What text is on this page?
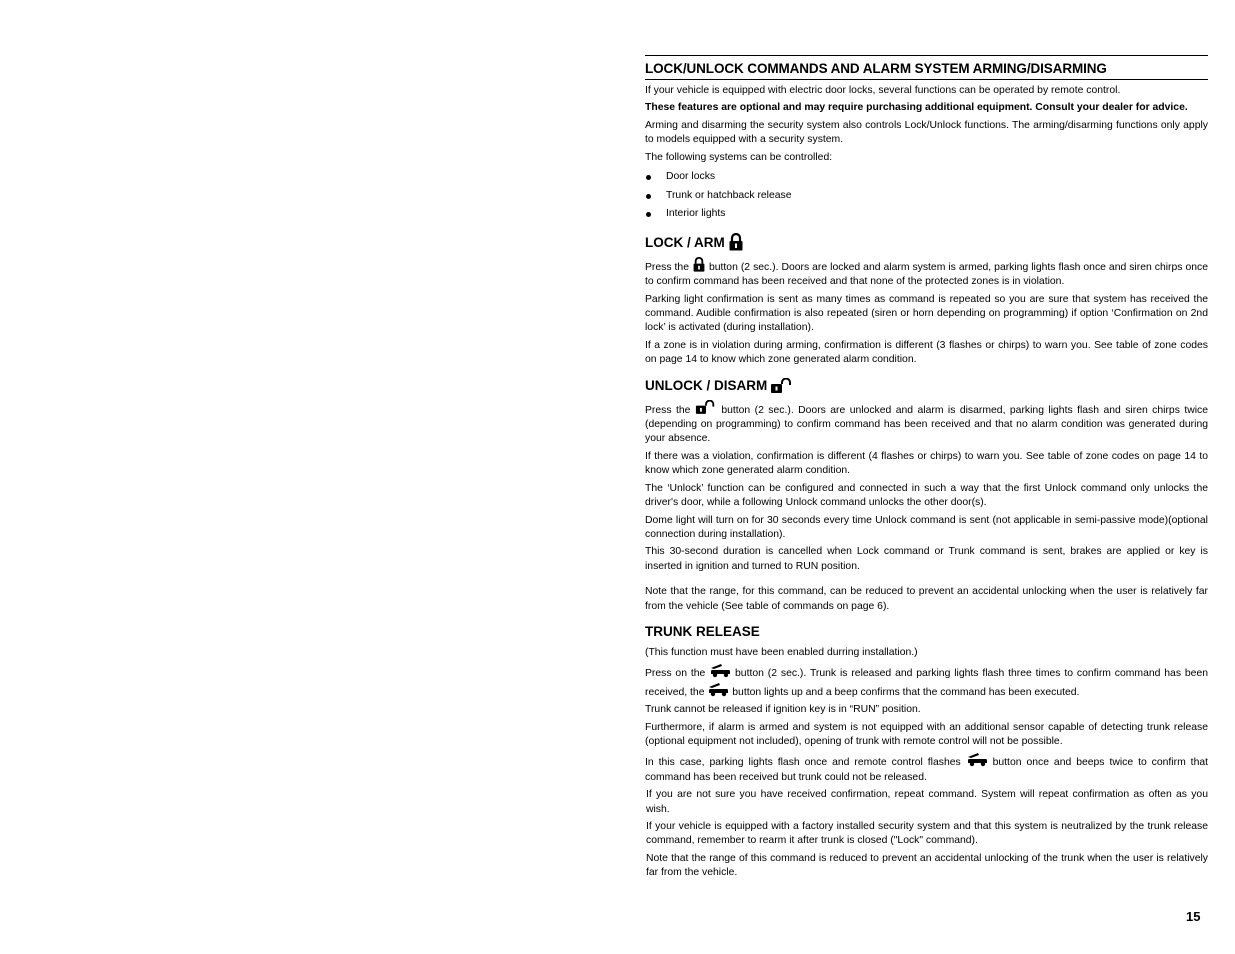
LOCK/UNLOCK COMMANDS AND ALARM SYSTEM ARMING/DISARMING

If your vehicle is equipped with electric door locks, several functions can be operated by remote control.

These features are optional and may require purchasing additional equipment. Consult your dealer for advice.

Arming and disarming the security system also controls Lock/Unlock functions. The arming/disarming functions only apply to models equipped with a security system.

The following systems can be controlled:

Door locks
Trunk or hatchback release
Interior lights
LOCK / ARM

Press the button (2 sec.). Doors are locked and alarm system is armed, parking lights flash once and siren chirps once to confirm command has been received and that none of the protected zones is in violation.

Parking light confirmation is sent as many times as command is repeated so you are sure that system has received the command. Audible confirmation is also repeated (siren or horn depending on programming) if option ‘Confirmation on 2nd lock’ is activated (during installation).

If a zone is in violation during arming, confirmation is different (3 flashes or chirps) to warn you. See table of zone codes on page 14 to know which zone generated alarm condition.

UNLOCK / DISARM

Press the	button (2 sec.). Doors are unlocked and alarm is disarmed, parking lights flash and siren chirps twice (depending on programming) to confirm command has been received and that no alarm condition was generated during your absence.

If there was a violation, confirmation is different (4 flashes or chirps) to warn you. See table of zone codes on page 14 to know which zone generated alarm condition.

The ‘Unlock’ function can be configured and connected in such a way that the first Unlock command only unlocks the driver's door, while a following Unlock command unlocks the other door(s).

Dome light will turn on for 30 seconds every time Unlock command is sent (not applicable in semi-passive mode)(optional connection during installation).

This 30-second duration is cancelled when Lock command or Trunk command is sent, brakes are applied or key is inserted in ignition and turned to RUN position.

Note that the range, for this command, can be reduced to prevent an accidental unlocking when the user is relatively far from the vehicle (See table of commands on page 6).

TRUNK RELEASE

(This function must have been enabled durring installation.)

Press on the	button (2 sec.). Trunk is released and parking lights flash three times to confirm command has been received, the	button lights up and a beep confirms that the command has been executed.

Trunk cannot be released if ignition key is in “RUN” position.

Furthermore, if alarm is armed and system is not equipped with an additional sensor capable of detecting trunk release (optional equipment not included), opening of trunk with remote control will not be possible.

In this case, parking lights flash once and remote control flashes	button once and beeps twice to confirm that command has been received but trunk could not be released.

If you are not sure you have received confirmation, repeat command. System will repeat confirmation as often as you wish.

If your vehicle is equipped with a factory installed security system and that this system is neutralized by the trunk release command, remember to rearm it after trunk is closed ("Lock" command).

Note that the range of this command is reduced to prevent an accidental unlocking of the trunk when the user is relatively far from the vehicle.

15
